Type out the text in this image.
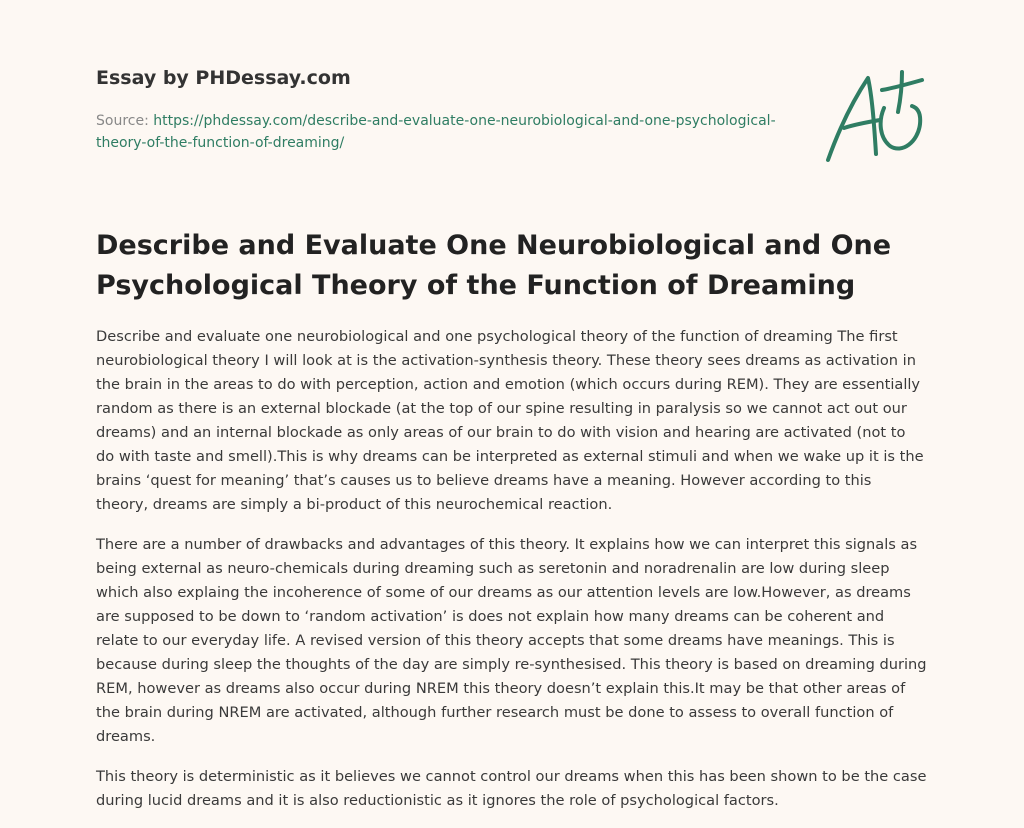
Essay by PHDessay.com
Source: https://phdessay.com/describe-and-evaluate-one-neurobiological-and-one-psychological-theory-of-the-function-of-dreaming/
Describe and Evaluate One Neurobiological and One Psychological Theory of the Function of Dreaming

Describe and evaluate one neurobiological and one psychological theory of the function of dreaming The first neurobiological theory I will look at is the activation-synthesis theory. These theory sees dreams as activation in the brain in the areas to do with perception, action and emotion (which occurs during REM). They are essentially random as there is an external blockade (at the top of our spine resulting in paralysis so we cannot act out our dreams) and an internal blockade as only areas of our brain to do with vision and hearing are activated (not to do with taste and smell).This is why dreams can be interpreted as external stimuli and when we wake up it is the brains ‘quest for meaning’ that’s causes us to believe dreams have a meaning. However according to this theory, dreams are simply a bi-product of this neurochemical reaction.

There are a number of drawbacks and advantages of this theory. It explains how we can interpret this signals as being external as neuro-chemicals during dreaming such as seretonin and noradrenalin are low during sleep which also explaing the incoherence of some of our dreams as our attention levels are low.However, as dreams are supposed to be down to ‘random activation’ is does not explain how many dreams can be coherent and relate to our everyday life. A revised version of this theory accepts that some dreams have meanings. This is because during sleep the thoughts of the day are simply re-synthesised. This theory is based on dreaming during REM, however as dreams also occur during NREM this theory doesn’t explain this.It may be that other areas of the brain during NREM are activated, although further research must be done to assess to overall function of dreams.

This theory is deterministic as it believes we cannot control our dreams when this has been shown to be the case during lucid dreams and it is also reductionistic as it ignores the role of psychological factors.
